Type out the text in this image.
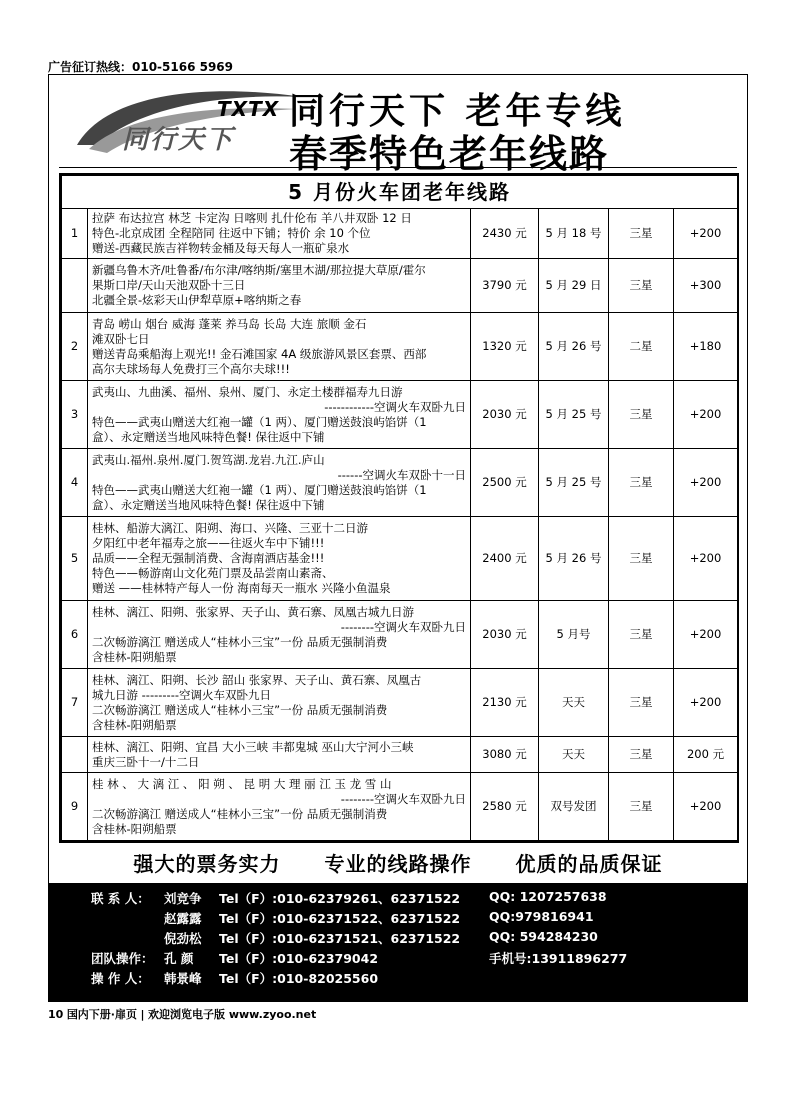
广告征订热线：010-5166 5969
TXTX
同行天下
同行天下 老年专线
春季特色老年线路
5 月份火车团老年线路					
1	拉萨 布达拉宫 林芝 卡定沟 日喀则 扎什伦布 羊八井双卧 12 日
特色-北京成团 全程陪同 往返中下铺；特价 余 10 个位
赠送-西藏民族吉祥物转金桶及每天每人一瓶矿泉水	2430 元	5 月 18 号	三星	+200

	新疆乌鲁木齐/吐鲁番/布尔津/喀纳斯/塞里木湖/那拉提大草原/霍尔
果斯口岸/天山天池双卧十三日
北疆全景-炫彩天山伊犁草原+喀纳斯之春	3790 元	5 月 29 日	三星	+300
2	青岛 崂山 烟台 威海 蓬莱 养马岛 长岛 大连 旅顺 金石
滩双卧七日
赠送青岛乘船海上观光!! 金石滩国家 4A 级旅游风景区套票、西部
高尔夫球场每人免费打三个高尔夫球!!!	1320 元	5 月 26 号	二星	+180
3	武夷山、九曲溪、福州、泉州、厦门、永定土楼群福寿九日游
------------空调火车双卧九日
特色——武夷山赠送大红袍一罐（1 两）、厦门赠送鼓浪屿馅饼（1
盒）、永定赠送当地风味特色餐! 保往返中下铺	2030 元	5 月 25 号	三星	+200
4	武夷山.福州.泉州.厦门.贺笃湖.龙岩.九江.庐山
------空调火车双卧十一日
特色——武夷山赠送大红袍一罐（1 两）、厦门赠送鼓浪屿馅饼（1
盒）、永定赠送当地风味特色餐! 保往返中下铺	2500 元	5 月 25 号	三星	+200
5	桂林、船游大漓江、阳朔、海口、兴隆、三亚十二日游
夕阳红中老年福寿之旅——往返火车中下铺!!!
品质——全程无强制消费、含海南酒店基金!!!
特色——畅游南山文化苑门票及品尝南山素斋、
赠送 ——桂林特产每人一份 海南每天一瓶水 兴隆小鱼温泉	2400 元	5 月 26 号	三星	+200
6	桂林、漓江、阳朔、张家界、天子山、黄石寨、凤凰古城九日游
--------空调火车双卧九日
二次畅游漓江 赠送成人“桂林小三宝”一份 品质无强制消费
含桂林-阳朔船票	2030 元	5 月号	三星	+200
7	桂林、漓江、阳朔、长沙 韶山 张家界、天子山、黄石寨、凤凰古
城九日游 ---------空调火车双卧九日
二次畅游漓江 赠送成人“桂林小三宝”一份 品质无强制消费
含桂林-阳朔船票	2130 元	天天	三星	+200

	桂林、漓江、阳朔、宜昌 大小三峡 丰都鬼城 巫山大宁河小三峡
重庆三卧十一/十二日	3080 元	天天	三星	200 元
9	桂 林 、 大 漓 江 、 阳 朔 、 昆 明 大 理 丽 江 玉 龙 雪 山
--------空调火车双卧九日
二次畅游漓江 赠送成人“桂林小三宝”一份 品质无强制消费
含桂林-阳朔船票	2580 元	双号发团	三星	+200
强大的票务实力 专业的线路操作 优质的品质保证
联 系 人： 刘竞争 Tel（F）:010-62379261、62371522 QQ: 1207257638
赵露露 Tel（F）:010-62371522、62371522 QQ:979816941
倪劲松 Tel（F）:010-62371521、62371522 QQ: 594284230
团队操作： 孔 颜 Tel（F）:010-62379042	手机号:13911896277
操 作 人： 韩景峰 Tel（F）:010-82025560
10 国内下册·扉页 | 欢迎浏览电子版 www.zyoo.net
